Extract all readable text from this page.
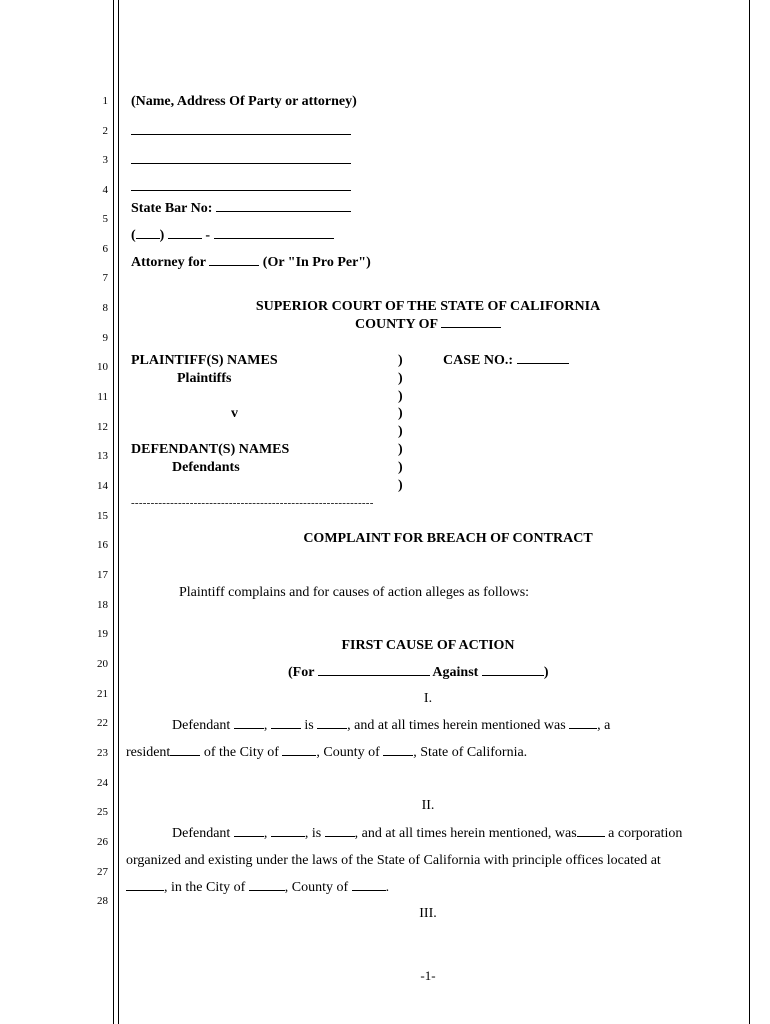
1
2
3
4
5
6
7
8
9
10
11
12
13
14
15
16
17
18
19
20
21
22
23
24
25
26
27
28
(Name, Address Of Party or attorney)
State Bar No:
( )	-
Attorney for	(Or "In Pro Per")
SUPERIOR COURT OF THE STATE OF CALIFORNIA
COUNTY OF
PLAINTIFF(S) NAMES
Plaintiffs
v
DEFENDANT(S) NAMES
Defendants
)
)
)
)
)
)
)
)
CASE NO.:
--------------------------------------------------------------
COMPLAINT FOR BREACH OF CONTRACT
Plaintiff complains and for causes of action alleges as follows:
FIRST CAUSE OF ACTION
(For	Against	)
I.
Defendant ,	is , and at all times herein mentioned was , a
resident of the City of	, County of , State of California.
II.
Defendant ,	, is , and at all times herein mentioned, was a corporation
organized and existing under the laws of the State of California with principle offices located at
, in the City of	, County of	.
III.
-1-
